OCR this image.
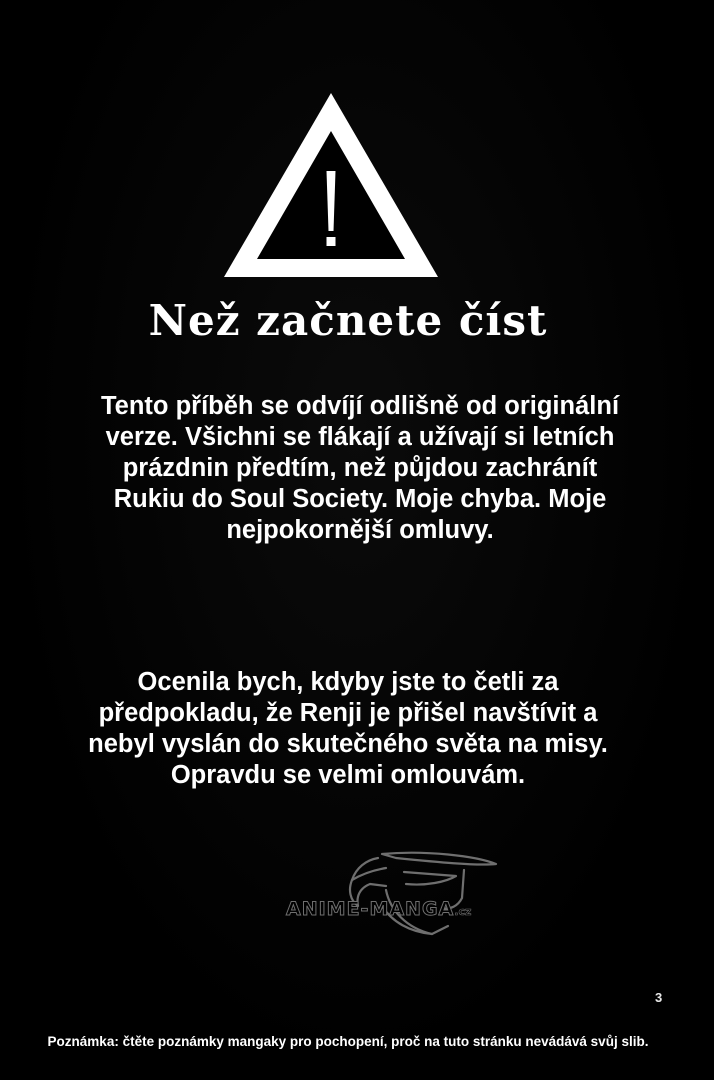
Než začnete číst
Tento příběh se odvíjí odlišně od originální
verze. Všichni se flákají a užívají si letních
prázdnin předtím, než půjdou zachránít
Rukiu do Soul Society. Moje chyba. Moje
nejpokornější omluvy.
Ocenila bych, kdyby jste to četli za
předpokladu, že Renji je přišel navštívit a
nebyl vyslán do skutečného světa na misy.
Opravdu se velmi omlouvám.
ANIME-MANGA.cz
3
Poznámka: čtěte poznámky mangaky pro pochopení, proč na tuto stránku nevádává svůj slib.
